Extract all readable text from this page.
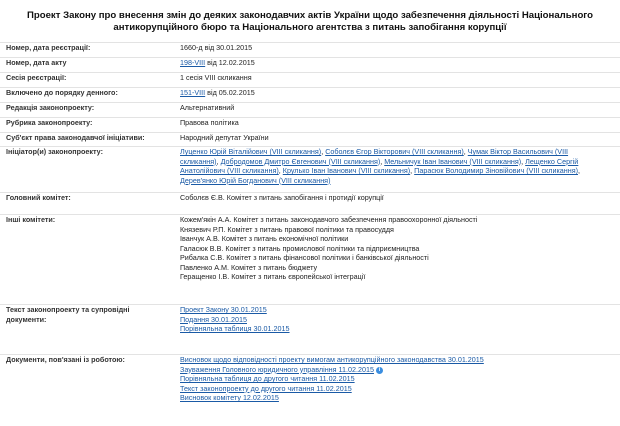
Проект Закону про внесення змін до деяких законодавчих актів України щодо забезпечення діяльності Національного
антикорупційного бюро та Національного агентства з питань запобігання корупції
Номер, дата реєстрації:	1660-д від 30.01.2015
Номер, дата акту	198-VIII від 12.02.2015
Сесія реєстрації:	1 сесія VIII скликання
Включено до порядку денного:	151-VIII від 05.02.2015
Редакція законопроекту:	Альтернативний
Рубрика законопроекту:	Правова політика
Суб'єкт права законодавчої ініціативи:	Народний депутат України
Ініціатор(и) законопроекту:	Луценко Юрій Віталійович (VIII скликання), Соболєв Єгор Вікторович (VIII скликання), Чумак Віктор Васильович (VIII
скликання), Добродомов Дмитро Євгенович (VIII скликання), Мельничук Іван Іванович (VIII скликання), Лещенко Сергій
Анатолійович (VIII скликання), Крулько Іван Іванович (VIII скликання), Парасюк Володимир Зіновійович (VIII скликання),
Дерев'янко Юрій Богданович (VIII скликання)
Головний комітет:	Соболєв Є.В. Комітет з питань запобігання і протидії корупції
Інші комітети:	Кожем'якін А.А. Комітет з питань законодавчого забезпечення правоохоронної діяльності
Князевич Р.П. Комітет з питань правової політики та правосуддя
Іванчук А.В. Комітет з питань економічної політики
Галасюк В.В. Комітет з питань промислової політики та підприємництва
Рибалка С.В. Комітет з питань фінансової політики і банківської діяльності
Павленко А.М. Комітет з питань бюджету
Геращенко І.В. Комітет з питань європейської інтеграції
Текст законопроекту та супровідні документи:
Проект Закону 30.01.2015
Подання 30.01.2015
Порівняльна таблиця 30.01.2015
Документи, пов'язані із роботою:	Висновок щодо відповідності проекту вимогам антикорупційного законодавства 30.01.2015
Зауваження Головного юридичного управління 11.02.2015 i
Порівняльна таблиця до другого читання 11.02.2015
Текст законопроекту до другого читання 11.02.2015
Висновок комітету 12.02.2015
